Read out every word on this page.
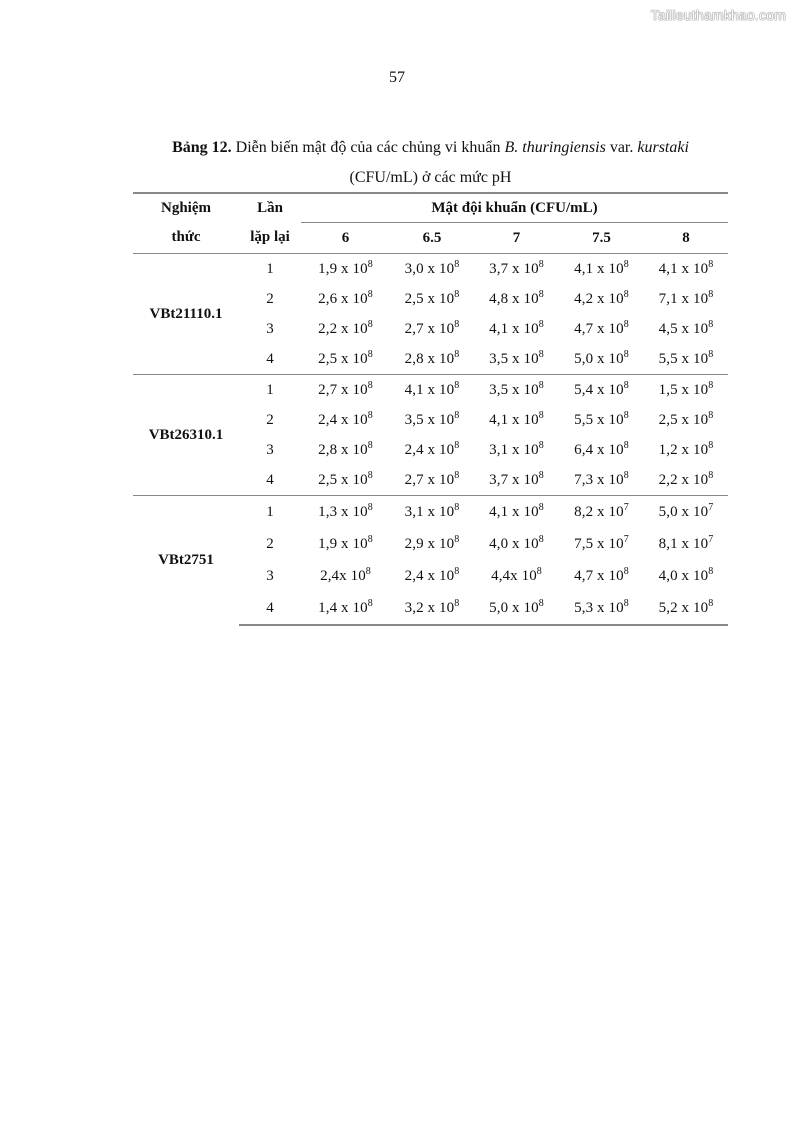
Tailieuthamkhao.com
57
Bảng 12. Diễn biến mật độ của các chủng vi khuẩn B. thuringiensis var. kurstaki
(CFU/mL) ở các mức pH
Nghiệm	Lần	Mật đội khuẩn (CFU/mL)				
thức	lặp lại	6	6.5	7	7.5	8
VBt21110.1	1	1,9 x $10^8$	3,0 x $10^8$	3,7 x $10^8$	4,1 x $10^8$	4,1 x $10^8$
	2	2,6 x $10^8$	2,5 x $10^8$	4,8 x $10^8$	4,2 x $10^8$	7,1 x $10^8$
	3	2,2 x $10^8$	2,7 x $10^8$	4,1 x $10^8$	4,7 x $10^8$	4,5 x $10^8$
	4	2,5 x $10^8$	2,8 x $10^8$	3,5 x $10^8$	5,0 x $10^8$	5,5 x $10^8$
VBt26310.1	1	2,7 x $10^8$	4,1 x $10^8$	3,5 x $10^8$	5,4 x $10^8$	1,5 x $10^8$
	2	2,4 x $10^8$	3,5 x $10^8$	4,1 x $10^8$	5,5 x $10^8$	2,5 x $10^8$
	3	2,8 x $10^8$	2,4 x $10^8$	3,1 x $10^8$	6,4 x $10^8$	1,2 x $10^8$
	4	2,5 x $10^8$	2,7 x $10^8$	3,7 x $10^8$	7,3 x $10^8$	2,2 x $10^8$
VBt2751	1	1,3 x $10^8$	3,1 x $10^8$	4,1 x $10^8$	8,2 x $10^7$	5,0 x $10^7$
	2	1,9 x $10^8$	2,9 x $10^8$	4,0 x $10^8$	7,5 x $10^7$	8,1 x $10^7$
	3	2,4x $10^8$	2,4 x $10^8$	4,4x $10^8$	4,7 x $10^8$	4,0 x $10^8$
	4	1,4 x $10^8$	3,2 x $10^8$	5,0 x $10^8$	5,3 x $10^8$	5,2 x $10^8$
